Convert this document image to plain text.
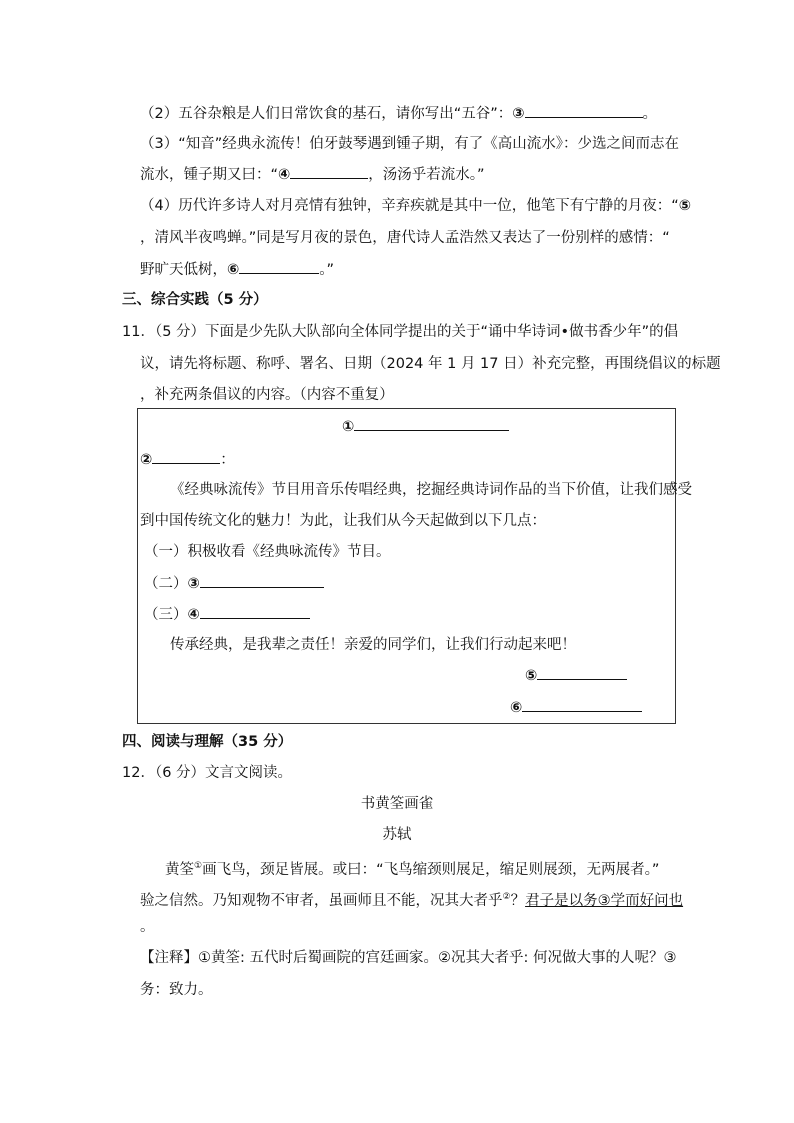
（2）五谷杂粮是人们日常饮食的基石，请你写出“五谷”：③	。
（3）“知音”经典永流传！伯牙鼓琴遇到锺子期，有了《高山流水》：少选之间而志在
流水，锺子期又曰：“④	，汤汤乎若流水。”
（4）历代许多诗人对月亮情有独钟，辛弃疾就是其中一位，他笔下有宁静的月夜：“⑤
，清风半夜鸣蝉。”同是写月夜的景色，唐代诗人孟浩然又表达了一份别样的感情：“
野旷天低树，⑥	。”
三、综合实践（5 分）
11．（5 分）下面是少先队大队部向全体同学提出的关于“诵中华诗词•做书香少年”的倡
议，请先将标题、称呼、署名、日期（2024 年 1 月 17 日）补充完整，再围绕倡议的标题
，补充两条倡议的内容。（内容不重复）
①
②	：
《经典咏流传》节目用音乐传唱经典，挖掘经典诗词作品的当下价值，让我们感受
到中国传统文化的魅力！为此，让我们从今天起做到以下几点：
（一）积极收看《经典咏流传》节目。
（二）③
（三）④
传承经典，是我辈之责任！亲爱的同学们，让我们行动起来吧！
⑤
⑥
四、阅读与理解（35 分）
12．（6 分）文言文阅读。
书黄筌画雀
苏轼
黄筌①画飞鸟，颈足皆展。或曰：“飞鸟缩颈则展足，缩足则展颈，无两展者。”
验之信然。乃知观物不审者，虽画师且不能，况其大者乎②？君子是以务③学而好问也
。
【注释】①黄筌: 五代时后蜀画院的宫廷画家。②况其大者乎: 何况做大事的人呢？③
务：致力。
